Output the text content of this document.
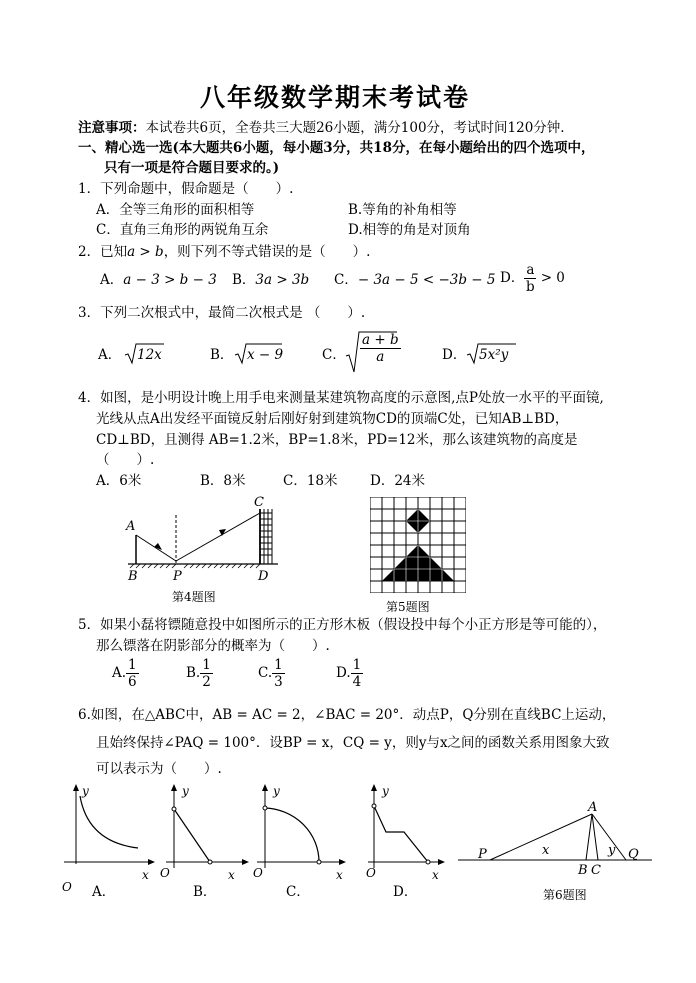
八年级数学期末考试卷
注意事项：本试卷共6页，全卷共三大题26小题，满分100分，考试时间120分钟.
一、精心选一选(本大题共6小题，每小题3分，共18分，在每小题给出的四个选项中，
只有一项是符合题目要求的。)
1．下列命题中，假命题是（　　）.
A．全等三角形的面积相等	B.等角的补角相等
C．直角三角形的两锐角互余	D.相等的角是对顶角
2．已知a > b，则下列不等式错误的是（　　）.
A．a − 3 > b − 3 B．3a > 3b C．− 3a − 5 < −3b − 5 D． $\frac{a}{b} > 0$
3．下列二次根式中，最简二次根式是 （　　）.
A． 12x	B． x − 9	C． $\frac{a + b}{a}$	D． 5x²y
4．如图，是小明设计晚上用手电来测量某建筑物高度的示意图,点P处放一水平的平面镜,
光线从点A出发经平面镜反射后刚好射到建筑物CD的顶端C处，已知AB⊥BD，
CD⊥BD，且测得 AB=1.2米，BP=1.8米，PD=12米，那么该建筑物的高度是
（　　）.
A．6米	B．8米	C．18米 D．24米
A
B	P
C
D
第4题图
第5题图
5．如果小磊将镖随意投中如图所示的正方形木板（假设投中每个小正方形是等可能的），
那么镖落在阴影部分的概率为（　　）.
A. $\frac{1}{6}$	B. $\frac{1}{2}$	C. $\frac{1}{3}$	D. $\frac{1}{4}$
6.如图，在△ABC中，AB = AC = 2，∠BAC = 20°．动点P，Q分别在直线BC上运动，
且始终保持∠PAQ = 100°．设BP = x，CQ = y，则y与x之间的函数关系用图象大致
可以表示为（　　）.
y
x
O A．
y
x
O
B．
y
x
O
C．
y
x
O
D．
A
P	x	y Q
B C
第6题图
